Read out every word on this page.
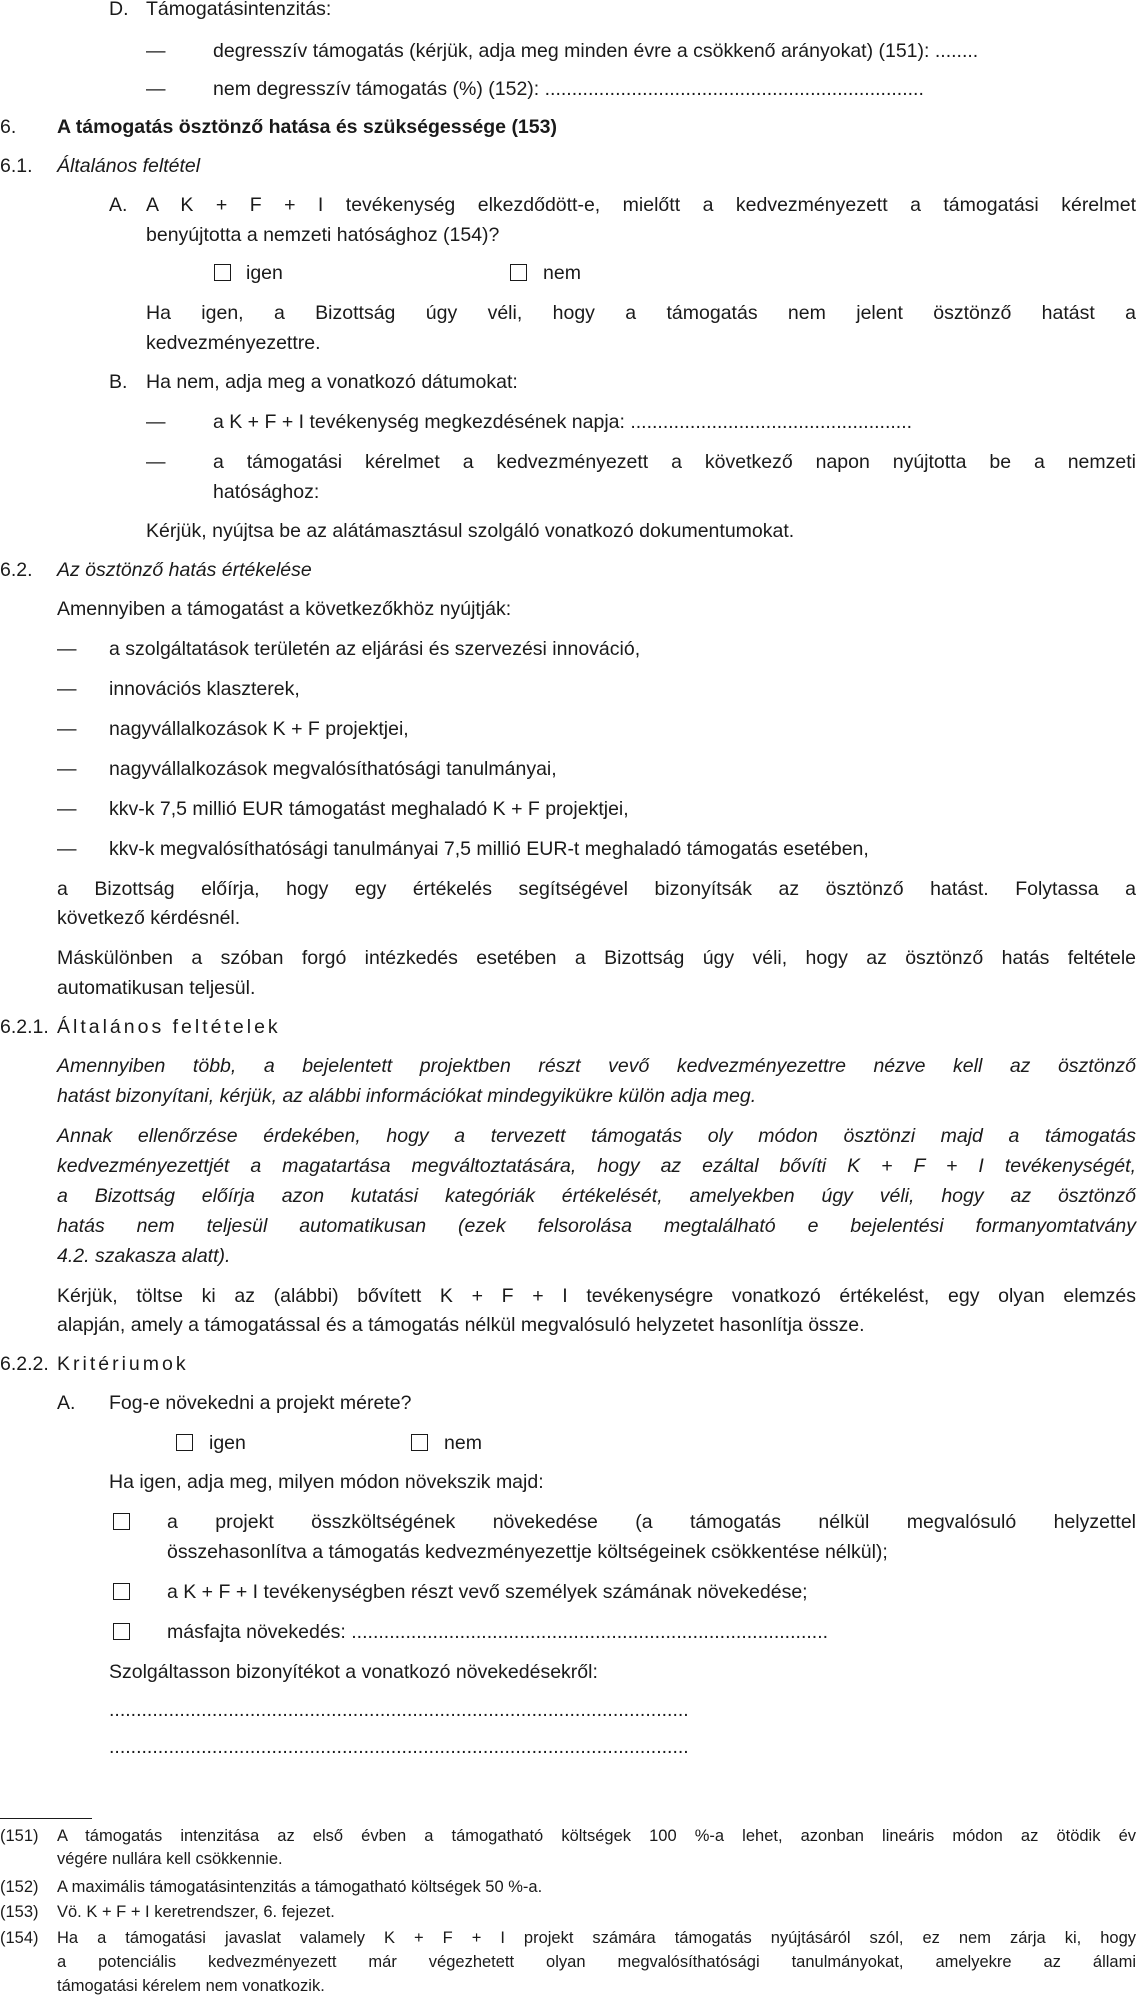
D. Támogatásintenzitás:
— degresszív támogatás (kérjük, adja meg minden évre a csökkenő arányokat) (151): ........
— nem degresszív támogatás (%) (152): ......................................................................
6. A támogatás ösztönző hatása és szükségessége (153)
6.1. Általános feltétel
A. A K + F + I tevékenység elkezdődött-e, mielőtt a kedvezményezett a támogatási kérelmet
benyújtotta a nemzeti hatósághoz (154)?
igen	nem
Ha igen, a Bizottság úgy véli, hogy a támogatás nem jelent ösztönző hatást a
kedvezményezettre.
B. Ha nem, adja meg a vonatkozó dátumokat:
— a K + F + I tevékenység megkezdésének napja: ....................................................
— a támogatási kérelmet a kedvezményezett a következő napon nyújtotta be a nemzeti
hatósághoz:
Kérjük, nyújtsa be az alátámasztásul szolgáló vonatkozó dokumentumokat.
6.2. Az ösztönző hatás értékelése
Amennyiben a támogatást a következőkhöz nyújtják:
— a szolgáltatások területén az eljárási és szervezési innováció,
— innovációs klaszterek,
— nagyvállalkozások K + F projektjei,
— nagyvállalkozások megvalósíthatósági tanulmányai,
— kkv-k 7,5 millió EUR támogatást meghaladó K + F projektjei,
— kkv-k megvalósíthatósági tanulmányai 7,5 millió EUR-t meghaladó támogatás esetében,
a Bizottság előírja, hogy egy értékelés segítségével bizonyítsák az ösztönző hatást. Folytassa a
következő kérdésnél.
Máskülönben a szóban forgó intézkedés esetében a Bizottság úgy véli, hogy az ösztönző hatás feltétele
automatikusan teljesül.
6.2.1. Általános feltételek
Amennyiben több, a bejelentett projektben részt vevő kedvezményezettre nézve kell az ösztönző
hatást bizonyítani, kérjük, az alábbi információkat mindegyikükre külön adja meg.
Annak ellenőrzése érdekében, hogy a tervezett támogatás oly módon ösztönzi majd a támogatás
kedvezményezettjét a magatartása megváltoztatására, hogy az ezáltal bővíti K + F + I tevékenységét,
a Bizottság előírja azon kutatási kategóriák értékelését, amelyekben úgy véli, hogy az ösztönző
hatás nem teljesül automatikusan (ezek felsorolása megtalálható e bejelentési formanyomtatvány
4.2. szakasza alatt).
Kérjük, töltse ki az (alábbi) bővített K + F + I tevékenységre vonatkozó értékelést, egy olyan elemzés
alapján, amely a támogatással és a támogatás nélkül megvalósuló helyzetet hasonlítja össze.
6.2.2. Kritériumok
A. Fog-e növekedni a projekt mérete?
igen	nem
Ha igen, adja meg, milyen módon növekszik majd:
a projekt összköltségének növekedése (a támogatás nélkül megvalósuló helyzettel
összehasonlítva a támogatás kedvezményezettje költségeinek csökkentése nélkül);
a K + F + I tevékenységben részt vevő személyek számának növekedése;
másfajta növekedés: ........................................................................................
Szolgáltasson bizonyítékot a vonatkozó növekedésekről:
...........................................................................................................
...........................................................................................................
(151) A támogatás intenzitása az első évben a támogatható költségek 100 %-a lehet, azonban lineáris módon az ötödik év
végére nullára kell csökkennie.
(152) A maximális támogatásintenzitás a támogatható költségek 50 %-a.
(153) Vö. K + F + I keretrendszer, 6. fejezet.
(154) Ha a támogatási javaslat valamely K + F + I projekt számára támogatás nyújtásáról szól, ez nem zárja ki, hogy
a potenciális kedvezményezett már végezhetett olyan megvalósíthatósági tanulmányokat, amelyekre az állami
támogatási kérelem nem vonatkozik.
